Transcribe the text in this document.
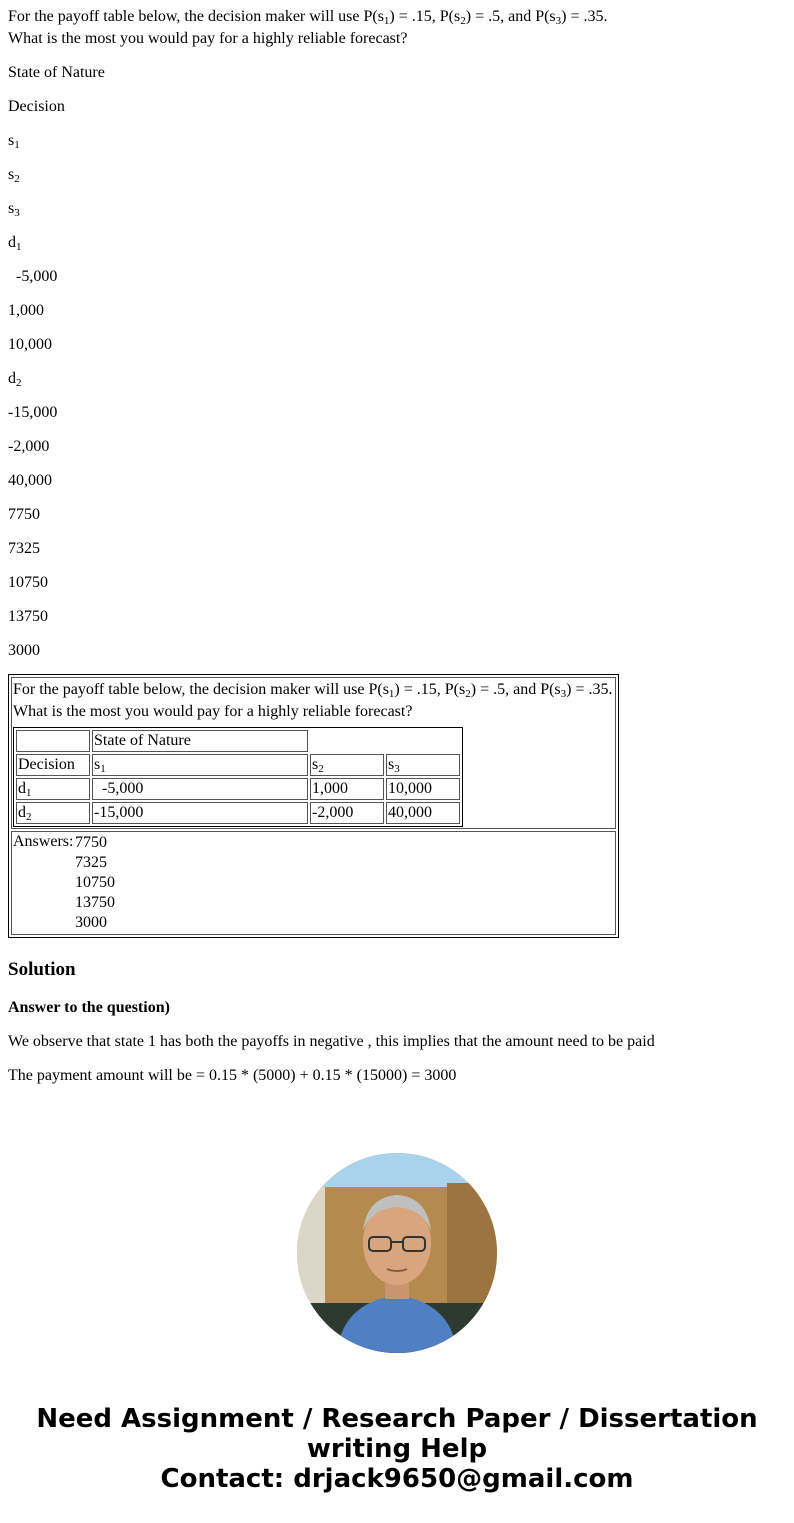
For the payoff table below, the decision maker will use $P(s_1) = .15$, $P(s_2) = .5$, and $P(s_3) = .35$.

What is the most you would pay for a highly reliable forecast?

State of Nature
Decision
$s_1$
$s_2$
$s_3$
$d_1$
-5,000
1,000
10,000
$d_2$
-15,000
-2,000
40,000
7750
7325
10750
13750
3000

For the payoff table below, the decision maker will use $P(s_1) = .15$, $P(s_2) = .5$, and $P(s_3) = .35$.

What is the most you would pay for a highly reliable forecast?

	State of Nature
Decision	$s_1$	$s_2$	$s_3$
$d_1$	-5,000	1,000	10,000
$d_2$	-15,000	-2,000	40,000

Answers: 7750
7325
10750
13750
3000
Solution

Answer to the question)

We observe that state 1 has both the payoffs in negative , this implies that the amount need to be paid

The payment amount will be = 0.15 * (5000) + 0.15 * (15000) = 3000

Need Assignment / Research Paper / Dissertation
writing Help
Contact: drjack9650@gmail.com
